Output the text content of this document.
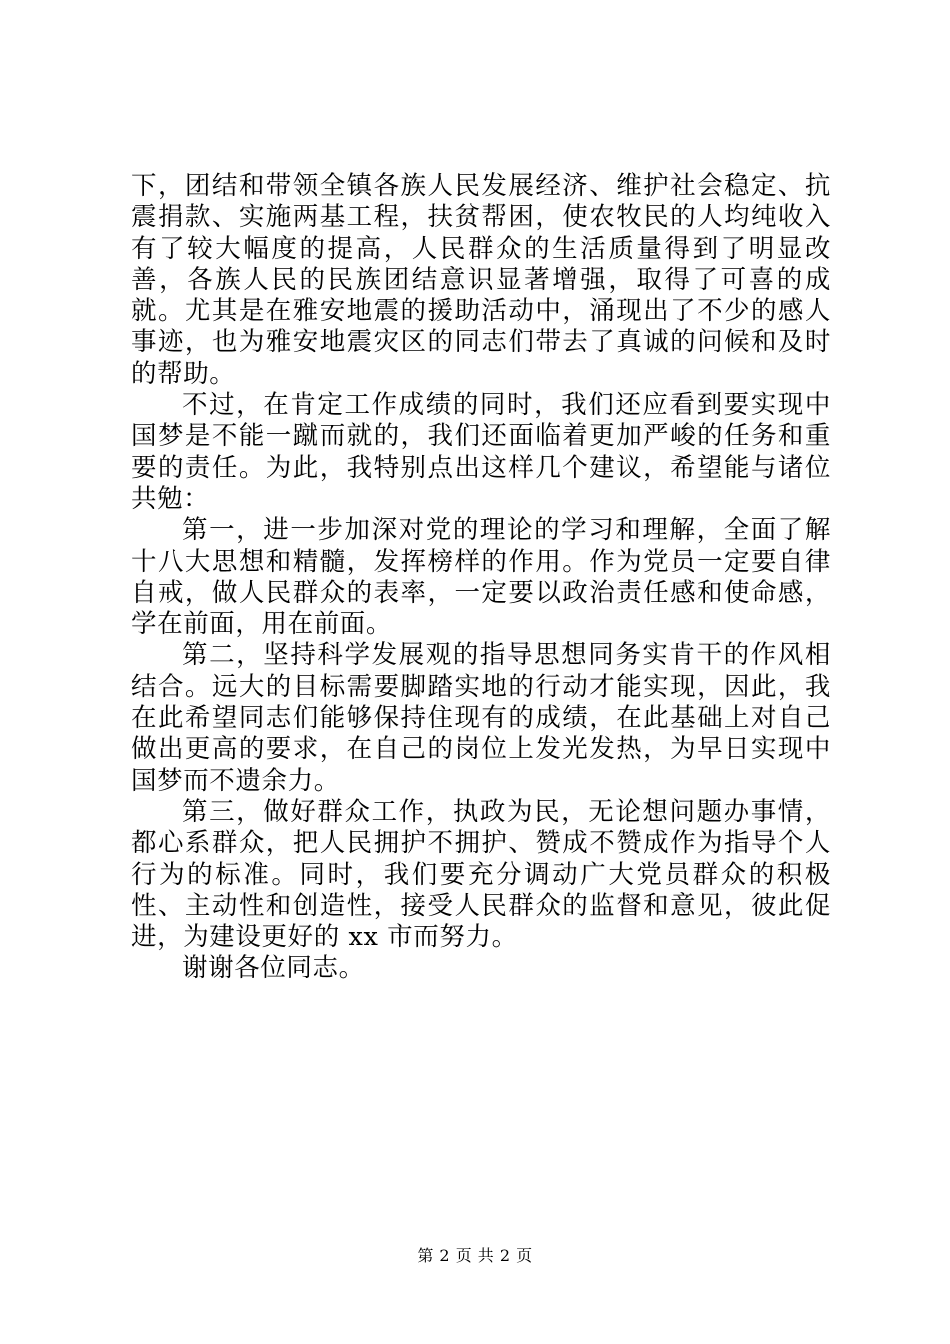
下，团结和带领全镇各族人民发展经济、维护社会稳定、抗震捐款、实施两基工程，扶贫帮困，使农牧民的人均纯收入有了较大幅度的提高，人民群众的生活质量得到了明显改善，各族人民的民族团结意识显著增强，取得了可喜的成就。尤其是在雅安地震的援助活动中，涌现出了不少的感人事迹，也为雅安地震灾区的同志们带去了真诚的问候和及时的帮助。

不过，在肯定工作成绩的同时，我们还应看到要实现中国梦是不能一蹴而就的，我们还面临着更加严峻的任务和重要的责任。为此，我特别点出这样几个建议，希望能与诸位共勉：

第一，进一步加深对党的理论的学习和理解，全面了解十八大思想和精髓，发挥榜样的作用。作为党员一定要自律自戒，做人民群众的表率，一定要以政治责任感和使命感，学在前面，用在前面。

第二，坚持科学发展观的指导思想同务实肯干的作风相结合。远大的目标需要脚踏实地的行动才能实现，因此，我在此希望同志们能够保持住现有的成绩，在此基础上对自己做出更高的要求，在自己的岗位上发光发热，为早日实现中国梦而不遗余力。

第三，做好群众工作，执政为民，无论想问题办事情，都心系群众，把人民拥护不拥护、赞成不赞成作为指导个人行为的标准。同时，我们要充分调动广大党员群众的积极性、主动性和创造性，接受人民群众的监督和意见，彼此促进，为建设更好的 xx 市而努力。

谢谢各位同志。

第 2 页 共 2 页
